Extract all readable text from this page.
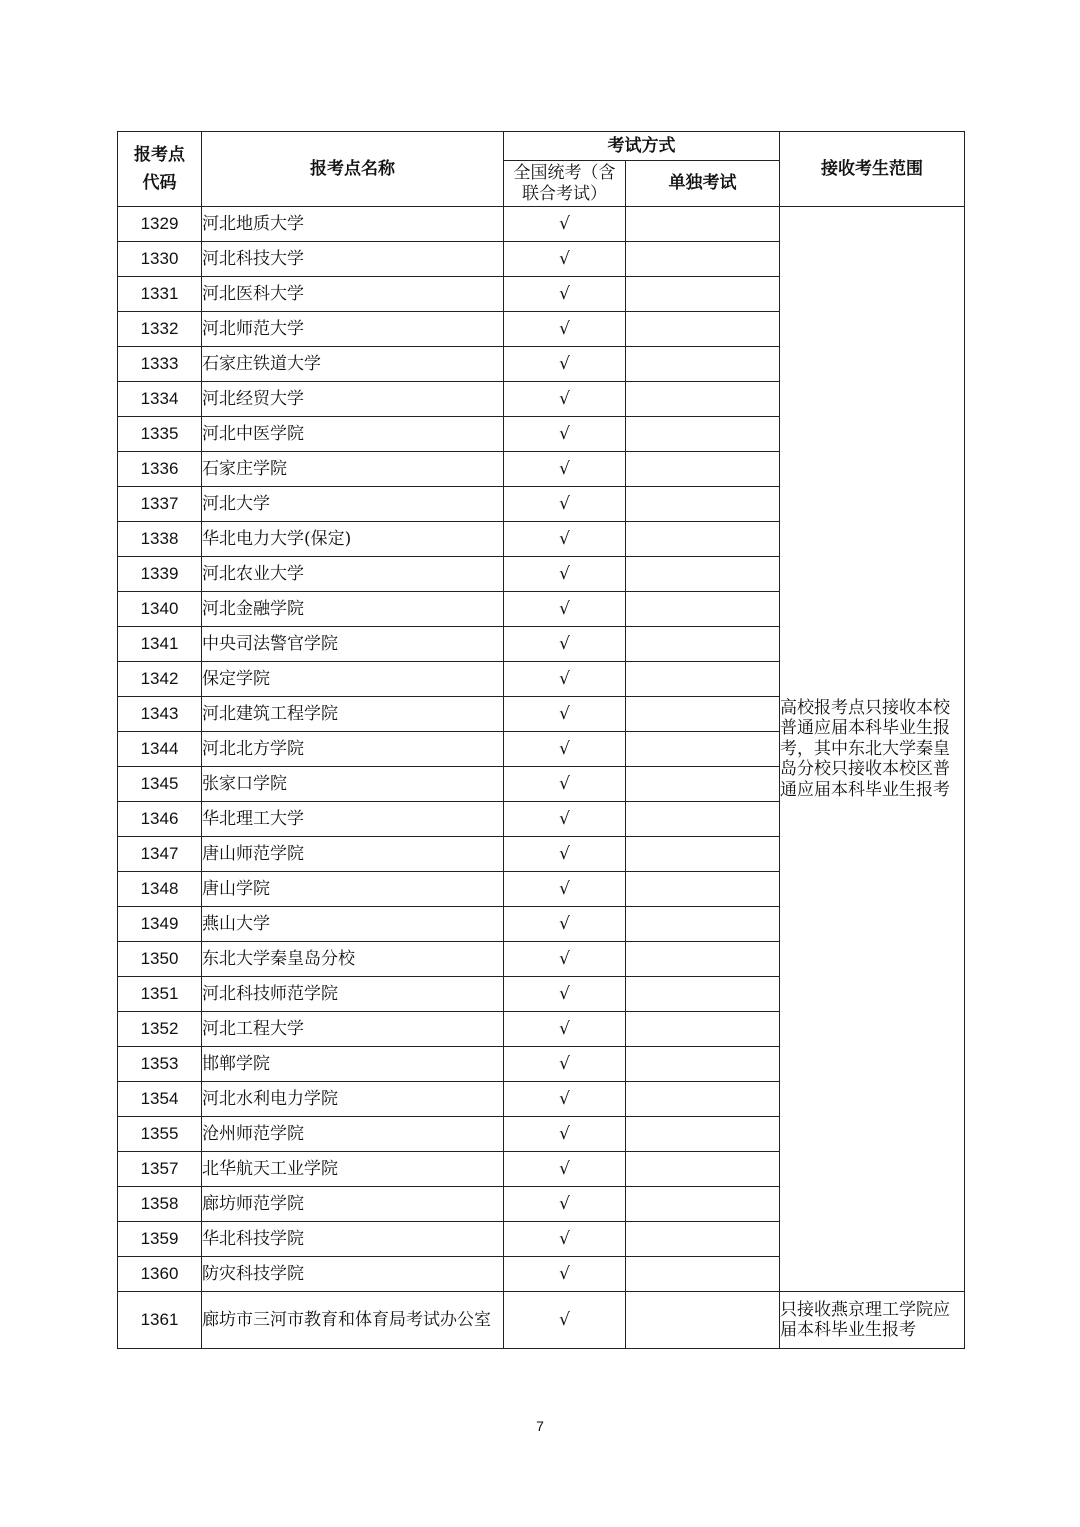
报考点代码	报考点名称	考试方式		接收考生范围
		全国统考（含联合考试）	单独考试	
1329	河北地质大学	√		高校报考点只接收本校普通应届本科毕业生报考，其中东北大学秦皇岛分校只接收本校区普通应届本科毕业生报考
1330	河北科技大学	√		
1331	河北医科大学	√		
1332	河北师范大学	√		
1333	石家庄铁道大学	√		
1334	河北经贸大学	√		
1335	河北中医学院	√		
1336	石家庄学院	√		
1337	河北大学	√		
1338	华北电力大学(保定)	√		
1339	河北农业大学	√		
1340	河北金融学院	√		
1341	中央司法警官学院	√		
1342	保定学院	√		
1343	河北建筑工程学院	√		
1344	河北北方学院	√		
1345	张家口学院	√		
1346	华北理工大学	√		
1347	唐山师范学院	√		
1348	唐山学院	√		
1349	燕山大学	√		
1350	东北大学秦皇岛分校	√		
1351	河北科技师范学院	√		
1352	河北工程大学	√		
1353	邯郸学院	√		
1354	河北水利电力学院	√		
1355	沧州师范学院	√		
1357	北华航天工业学院	√		
1358	廊坊师范学院	√		
1359	华北科技学院	√		
1360	防灾科技学院	√		
1361	廊坊市三河市教育和体育局考试办公室	√		只接收燕京理工学院应届本科毕业生报考
7
